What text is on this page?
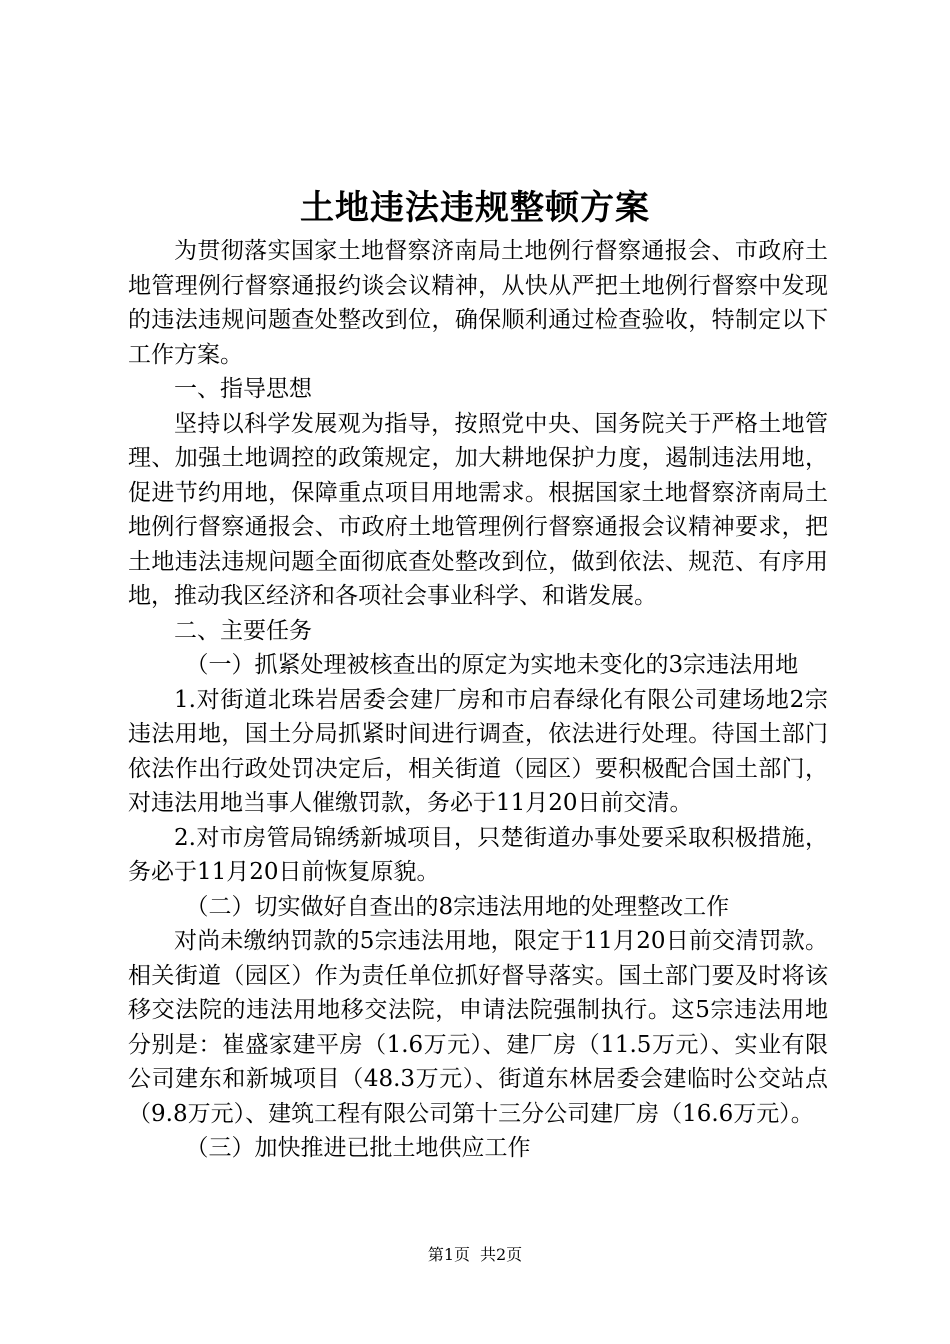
土地违法违规整顿方案

为贯彻落实国家土地督察济南局土地例行督察通报会、市政府土地管理例行督察通报约谈会议精神，从快从严把土地例行督察中发现的违法违规问题查处整改到位，确保顺利通过检查验收，特制定以下工作方案。

一、指导思想

坚持以科学发展观为指导，按照党中央、国务院关于严格土地管理、加强土地调控的政策规定，加大耕地保护力度，遏制违法用地，促进节约用地，保障重点项目用地需求。根据国家土地督察济南局土地例行督察通报会、市政府土地管理例行督察通报会议精神要求，把土地违法违规问题全面彻底查处整改到位，做到依法、规范、有序用地，推动我区经济和各项社会事业科学、和谐发展。

二、主要任务

（一）抓紧处理被核查出的原定为实地未变化的3宗违法用地

1.对街道北珠岩居委会建厂房和市启春绿化有限公司建场地2宗违法用地，国土分局抓紧时间进行调查，依法进行处理。待国土部门依法作出行政处罚决定后，相关街道（园区）要积极配合国土部门，对违法用地当事人催缴罚款，务必于11月20日前交清。

2.对市房管局锦绣新城项目，只楚街道办事处要采取积极措施，务必于11月20日前恢复原貌。

（二）切实做好自查出的8宗违法用地的处理整改工作

对尚未缴纳罚款的5宗违法用地，限定于11月20日前交清罚款。相关街道（园区）作为责任单位抓好督导落实。国土部门要及时将该移交法院的违法用地移交法院，申请法院强制执行。这5宗违法用地分别是：崔盛家建平房（1.6万元）、建厂房（11.5万元）、实业有限公司建东和新城项目（48.3万元）、街道东林居委会建临时公交站点（9.8万元）、建筑工程有限公司第十三分公司建厂房（16.6万元）。

（三）加快推进已批土地供应工作

第1页 共2页
